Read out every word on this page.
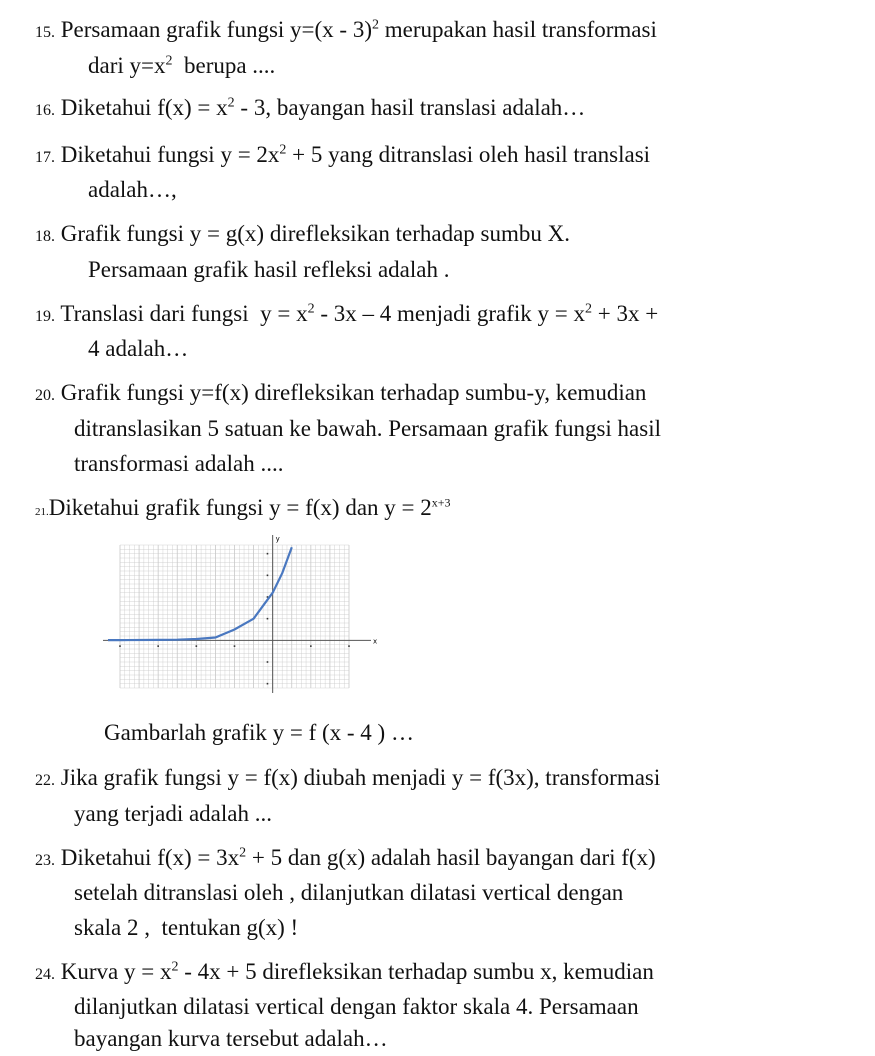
15. Persamaan grafik fungsi y=(x - 3)$^2$ merupakan hasil transformasi
dari $y=x^2$  berupa ....
16. Diketahui $f(x) = x^2 - 3$, bayangan hasil translasi adalah…
17. Diketahui fungsi $y = 2x^2 + 5$ yang ditranslasi oleh hasil translasi
adalah…,
18. Grafik fungsi y = g(x) direfleksikan terhadap sumbu X.
Persamaan grafik hasil refleksi adalah .
19. Translasi dari fungsi  $y = x^2 - 3x - 4$ menjadi grafik $y = x^2 + 3x$ +
4 adalah…
20. Grafik fungsi y=f(x) direfleksikan terhadap sumbu-y, kemudian
ditranslasikan 5 satuan ke bawah. Persamaan grafik fungsi hasil
transformasi adalah ....
21.Diketahui grafik fungsi y = f(x) dan $y = 2^{x+3}$
x
y
Gambarlah grafik y = f (x - 4 ) …
22. Jika grafik fungsi y = f(x) diubah menjadi y = f(3x), transformasi
yang terjadi adalah ...
23. Diketahui $f(x) = 3x^2 + 5$ dan g(x) adalah hasil bayangan dari f(x)
setelah ditranslasi oleh , dilanjutkan dilatasi vertical dengan
skala 2 ,  tentukan g(x) !
24. Kurva $y = x^2 - 4x + 5$ direfleksikan terhadap sumbu x, kemudian
dilanjutkan dilatasi vertical dengan faktor skala 4. Persamaan
bayangan kurva tersebut adalah…
